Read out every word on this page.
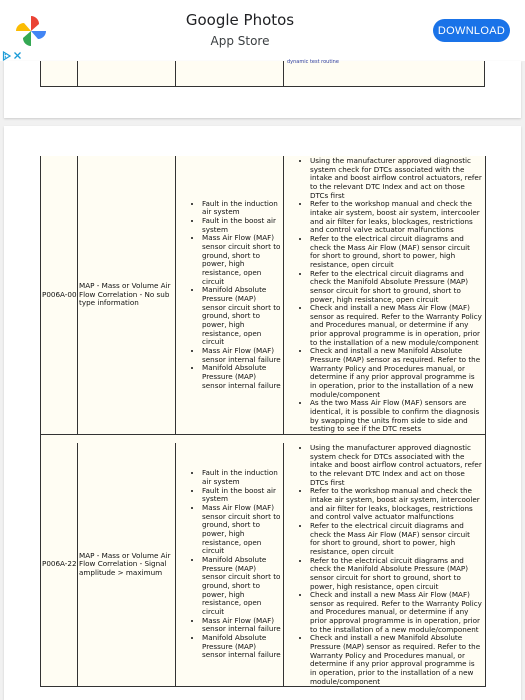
Google Photos
App Store
DOWNLOAD
dynamic test routine
P006A-00
MAP - Mass or Volume Air Flow Correlation - No sub type information
• Fault in the induction air system
• Fault in the boost air system
• Mass Air Flow (MAF) sensor circuit short to ground, short to power, high resistance, open circuit
• Manifold Absolute Pressure (MAP) sensor circuit short to ground, short to power, high resistance, open circuit
• Mass Air Flow (MAF) sensor internal failure
• Manifold Absolute Pressure (MAP) sensor internal failure
• Using the manufacturer approved diagnostic system check for DTCs associated with the intake and boost airflow control actuators, refer to the relevant DTC Index and act on those DTCs first
• Refer to the workshop manual and check the intake air system, boost air system, intercooler and air filter for leaks, blockages, restrictions and control valve actuator malfunctions
• Refer to the electrical circuit diagrams and check the Mass Air Flow (MAF) sensor circuit for short to ground, short to power, high resistance, open circuit
• Refer to the electrical circuit diagrams and check the Manifold Absolute Pressure (MAP) sensor circuit for short to ground, short to power, high resistance, open circuit
• Check and install a new Mass Air Flow (MAF) sensor as required. Refer to the Warranty Policy and Procedures manual, or determine if any prior approval programme is in operation, prior to the installation of a new module/component
• Check and install a new Manifold Absolute Pressure (MAP) sensor as required. Refer to the Warranty Policy and Procedures manual, or determine if any prior approval programme is in operation, prior to the installation of a new module/component
• As the two Mass Air Flow (MAF) sensors are identical, it is possible to confirm the diagnosis by swapping the units from side to side and testing to see if the DTC resets
P006A-22
MAP - Mass or Volume Air Flow Correlation - Signal amplitude > maximum
• Fault in the induction air system
• Fault in the boost air system
• Mass Air Flow (MAF) sensor circuit short to ground, short to power, high resistance, open circuit
• Manifold Absolute Pressure (MAP) sensor circuit short to ground, short to power, high resistance, open circuit
• Mass Air Flow (MAF) sensor internal failure
• Manifold Absolute Pressure (MAP) sensor internal failure
• Using the manufacturer approved diagnostic system check for DTCs associated with the intake and boost airflow control actuators, refer to the relevant DTC Index and act on those DTCs first
• Refer to the workshop manual and check the intake air system, boost air system, intercooler and air filter for leaks, blockages, restrictions and control valve actuator malfunctions
• Refer to the electrical circuit diagrams and check the Mass Air Flow (MAF) sensor circuit for short to ground, short to power, high resistance, open circuit
• Refer to the electrical circuit diagrams and check the Manifold Absolute Pressure (MAP) sensor circuit for short to ground, short to power, high resistance, open circuit
• Check and install a new Mass Air Flow (MAF) sensor as required. Refer to the Warranty Policy and Procedures manual, or determine if any prior approval programme is in operation, prior to the installation of a new module/component
• Check and install a new Manifold Absolute Pressure (MAP) sensor as required. Refer to the Warranty Policy and Procedures manual, or determine if any prior approval programme is in operation, prior to the installation of a new module/component
